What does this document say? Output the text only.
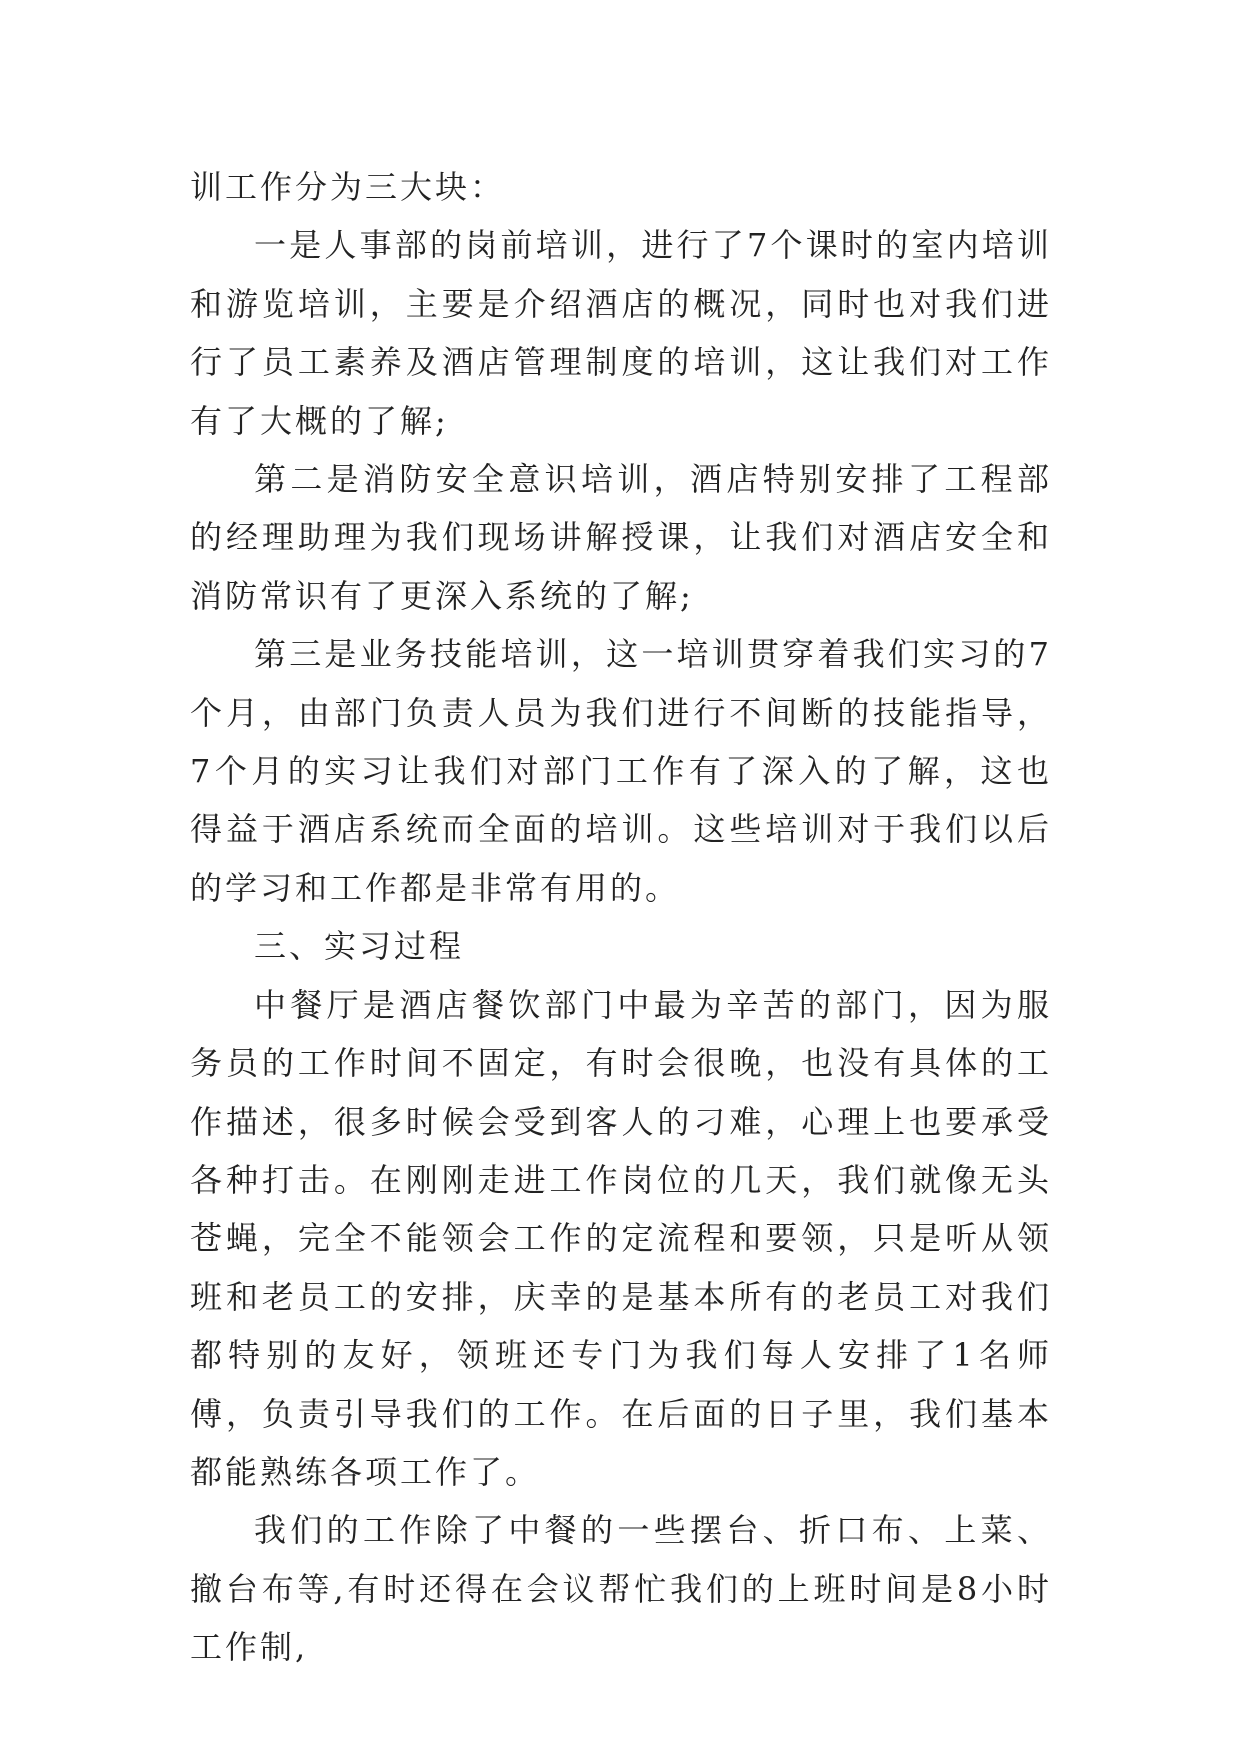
训工作分为三大块：

一是人事部的岗前培训，进行了7个课时的室内培训和游览培训，主要是介绍酒店的概况，同时也对我们进行了员工素养及酒店管理制度的培训，这让我们对工作有了大概的了解;

第二是消防安全意识培训，酒店特别安排了工程部的经理助理为我们现场讲解授课，让我们对酒店安全和消防常识有了更深入系统的了解;

第三是业务技能培训，这一培训贯穿着我们实习的7个月，由部门负责人员为我们进行不间断的技能指导，7个月的实习让我们对部门工作有了深入的了解，这也得益于酒店系统而全面的培训。这些培训对于我们以后的学习和工作都是非常有用的。

三、实习过程

中餐厅是酒店餐饮部门中最为辛苦的部门，因为服务员的工作时间不固定，有时会很晚，也没有具体的工作描述，很多时候会受到客人的刁难，心理上也要承受各种打击。在刚刚走进工作岗位的几天，我们就像无头苍蝇，完全不能领会工作的定流程和要领，只是听从领班和老员工的安排，庆幸的是基本所有的老员工对我们都特别的友好，领班还专门为我们每人安排了1名师傅，负责引导我们的工作。在后面的日子里，我们基本都能熟练各项工作了。

我们的工作除了中餐的一些摆台、折口布、上菜、撤台布等,有时还得在会议帮忙我们的上班时间是8小时工作制,
